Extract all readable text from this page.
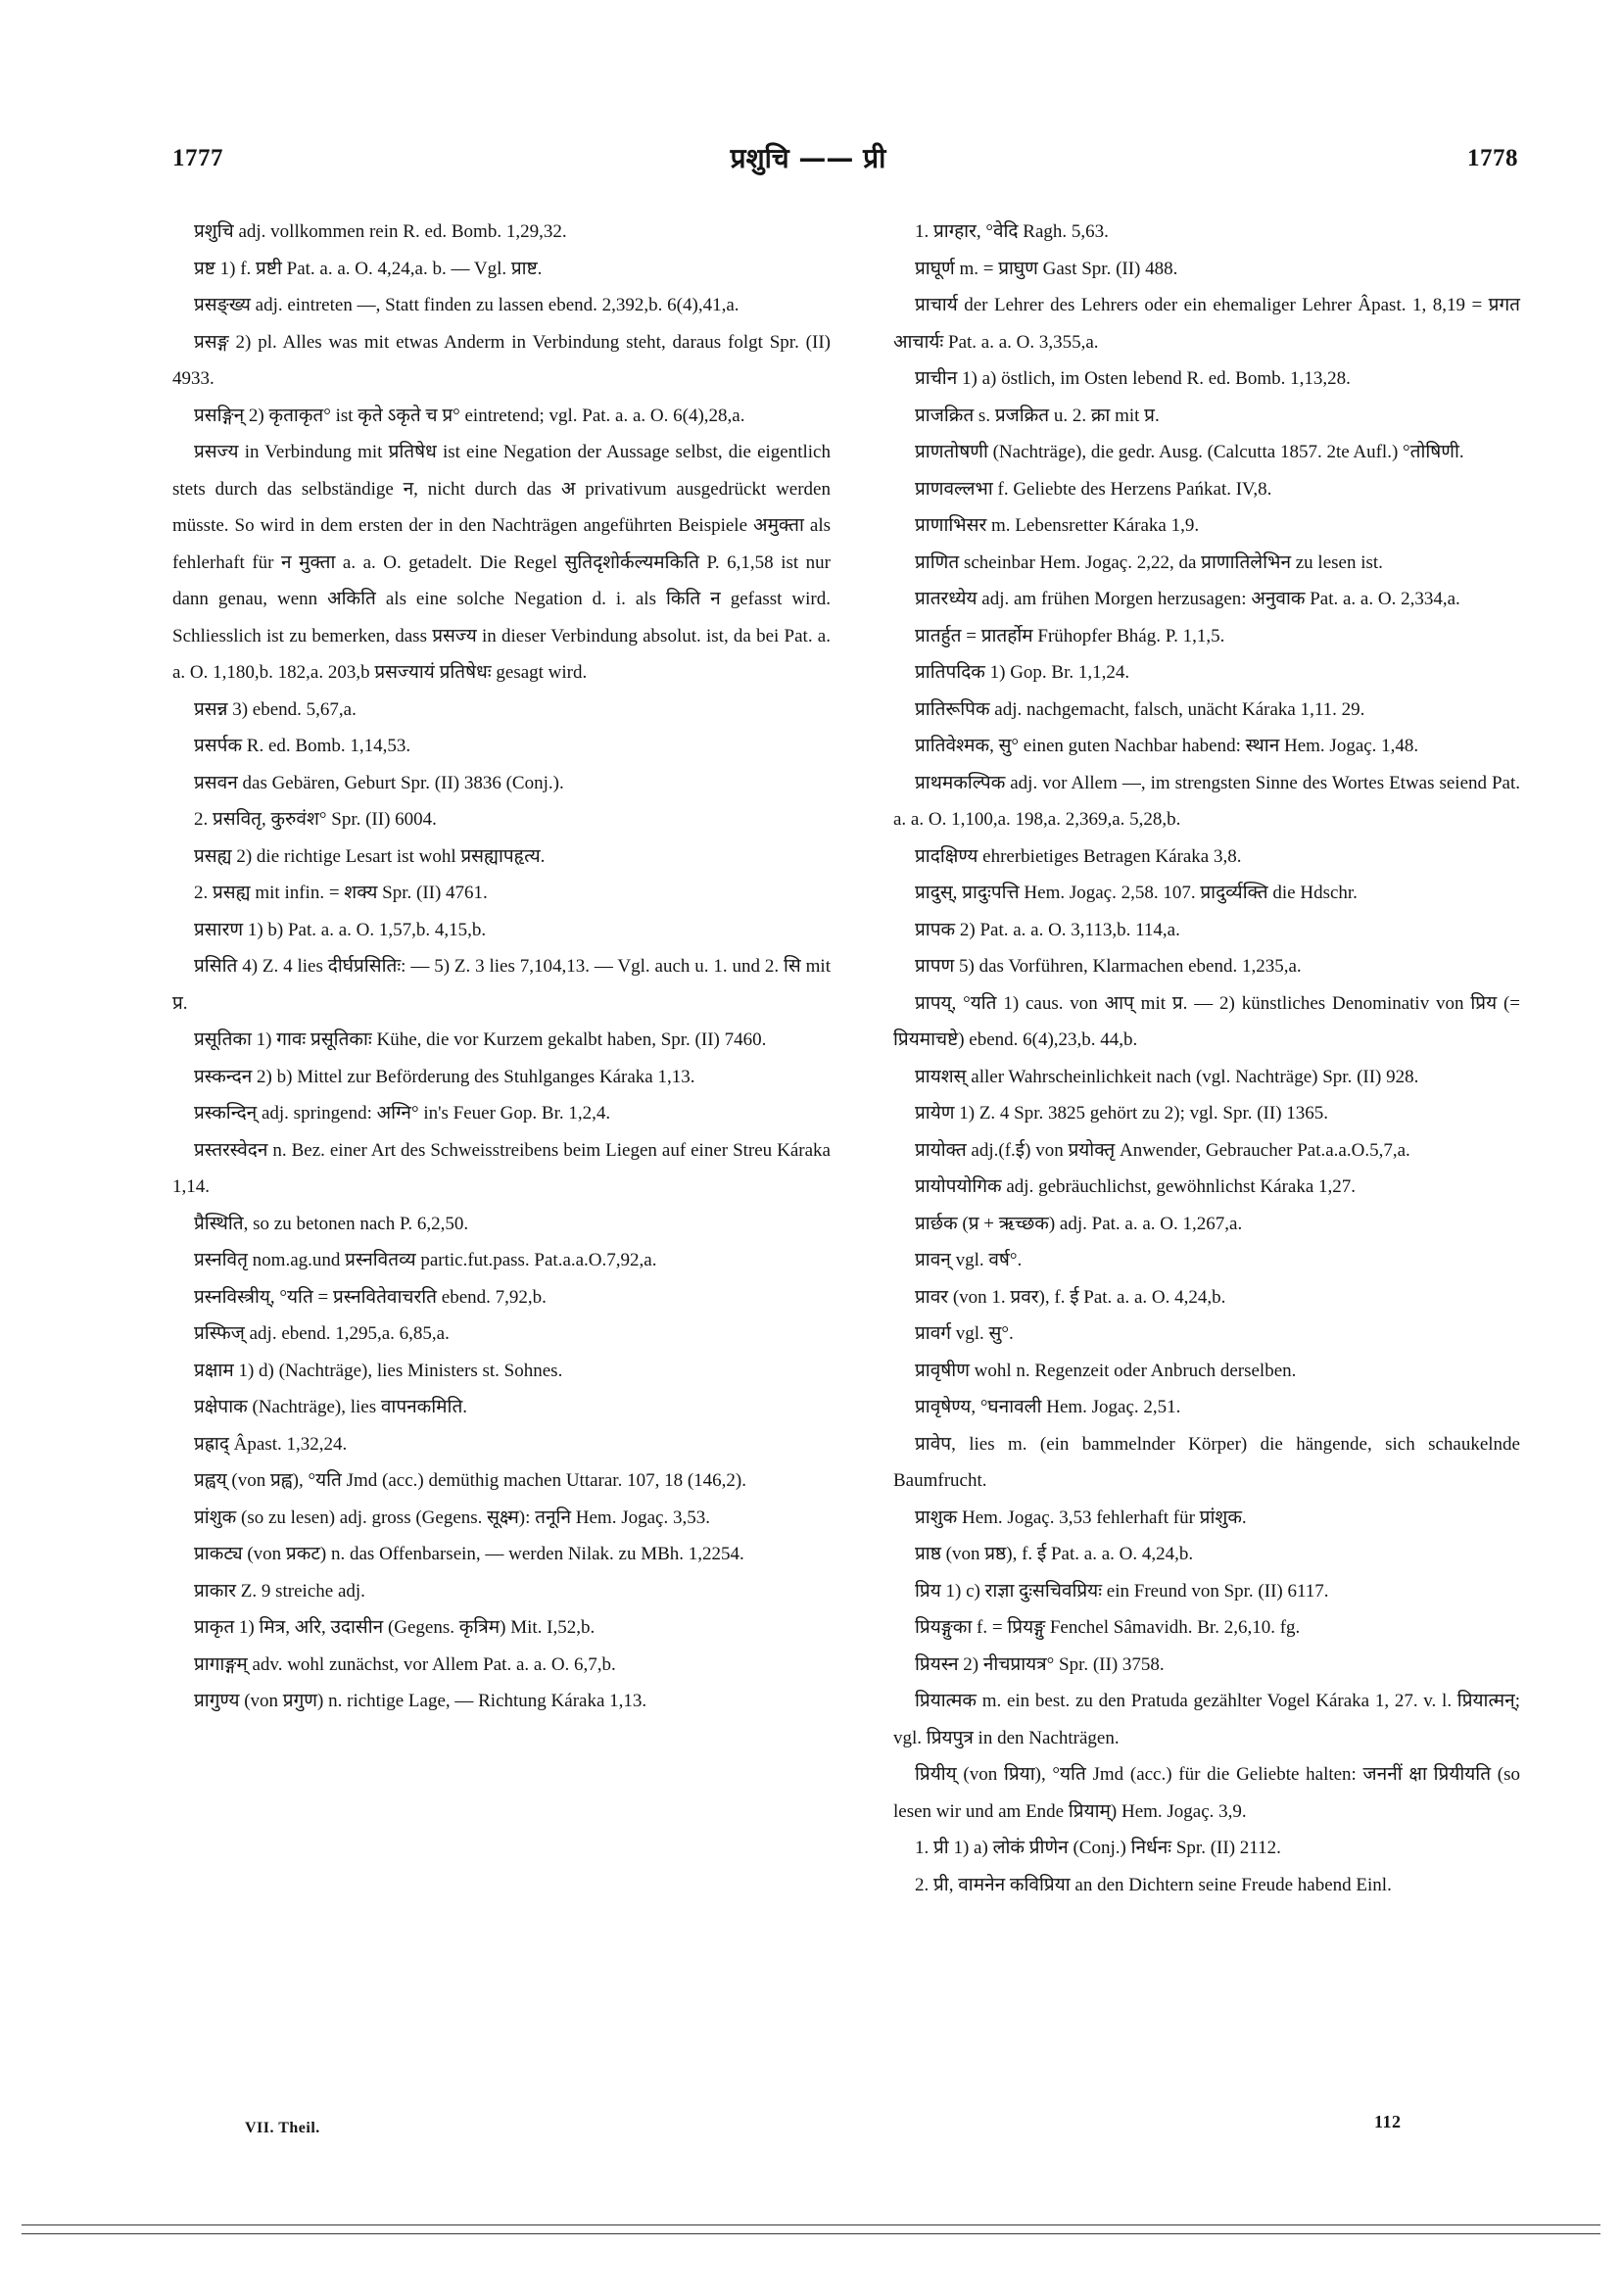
1777	प्रशुचि —— प्री	1778

प्रशुचि adj. vollkommen rein R. ed. Bomb. 1,29,32.

प्रष्ट 1) f. प्रष्टी Pat. a. a. O. 4,24,a. b. — Vgl. प्राष्ट.

प्रसङ्ख्य adj. eintreten —, Statt finden zu lassen ebend. 2,392,b. 6(4),41,a.

प्रसङ्ग 2) pl. Alles was mit etwas Anderm in Verbindung steht, daraus folgt Spr. (II) 4933.

प्रसङ्गिन् 2) कृताकृत° ist कृते ऽकृते च प्र° eintretend; vgl. Pat. a. a. O. 6(4),28,a.

प्रसज्य in Verbindung mit प्रतिषेध ist eine Negation der Aussage selbst, die eigentlich stets durch das selbständige न, nicht durch das अ privativum ausgedrückt werden müsste. So wird in dem ersten der in den Nachträgen angeführten Beispiele अमुक्ता als fehlerhaft für न मुक्ता a. a. O. getadelt. Die Regel सुतिदृशोर्कल्यमकिति P. 6,1,58 ist nur dann genau, wenn अकिति als eine solche Negation d. i. als किति न gefasst wird. Schliesslich ist zu bemerken, dass प्रसज्य in dieser Verbindung absolut. ist, da bei Pat. a. a. O. 1,180,b. 182,a. 203,b प्रसज्यायं प्रतिषेधः gesagt wird.

प्रसन्न 3) ebend. 5,67,a.

प्रसर्पक R. ed. Bomb. 1,14,53.

प्रसवन das Gebären, Geburt Spr. (II) 3836 (Conj.).

2. प्रसवितृ, कुरुवंश° Spr. (II) 6004.

प्रसह्य 2) die richtige Lesart ist wohl प्रसह्यापहृत्य.

2. प्रसह्य mit infin. = शक्य Spr. (II) 4761.

प्रसारण 1) b) Pat. a. a. O. 1,57,b. 4,15,b.

प्रसिति 4) Z. 4 lies दीर्घप्रसितिः: — 5) Z. 3 lies 7,104,13. — Vgl. auch u. 1. und 2. सि mit प्र.

प्रसूतिका 1) गावः प्रसूतिकाः Kühe, die vor Kurzem gekalbt haben, Spr. (II) 7460.

प्रस्कन्दन 2) b) Mittel zur Beförderung des Stuhlganges Káraka 1,13.

प्रस्कन्दिन् adj. springend: अग्नि° in's Feuer Gop. Br. 1,2,4.

प्रस्तरस्वेदन n. Bez. einer Art des Schweisstreibens beim Liegen auf einer Streu Káraka 1,14.

प्रैस्थिति, so zu betonen nach P. 6,2,50.

प्रस्नवितृ nom.ag.und प्रस्नवितव्य partic.fut.pass. Pat.a.a.O.7,92,a.

प्रस्नविस्त्रीय्, °यति = प्रस्नवितेवाचरति ebend. 7,92,b.

प्रस्फिज् adj. ebend. 1,295,a. 6,85,a.

प्रक्षाम 1) d) (Nachträge), lies Ministers st. Sohnes.

प्रक्षेपाक (Nachträge), lies वापनकमिति.

प्रह्राद् Âpast. 1,32,24.

प्रह्वय् (von प्रह्व), °यति Jmd (acc.) demüthig machen Uttarar. 107, 18 (146,2).

प्रांशुक (so zu lesen) adj. gross (Gegens. सूक्ष्म): तनूनि Hem. Jogaç. 3,53.

प्राकट्य (von प्रकट) n. das Offenbarsein, — werden Nilak. zu MBh. 1,2254.

प्राकार Z. 9 streiche adj.

प्राकृत 1) मित्र, अरि, उदासीन (Gegens. कृत्रिम) Mit. I,52,b.

प्रागाङ्गम् adv. wohl zunächst, vor Allem Pat. a. a. O. 6,7,b.

प्रागुण्य (von प्रगुण) n. richtige Lage, — Richtung Káraka 1,13.

1. प्राग्हार, °वेदि Ragh. 5,63.

प्राघूर्ण m. = प्राघुण Gast Spr. (II) 488.

प्राचार्य der Lehrer des Lehrers oder ein ehemaliger Lehrer Âpast. 1, 8,19 = प्रगत आचार्यः Pat. a. a. O. 3,355,a.

प्राचीन 1) a) östlich, im Osten lebend R. ed. Bomb. 1,13,28.

प्राजक्रित s. प्रजक्रित u. 2. क्रा mit प्र.

प्राणतोषणी (Nachträge), die gedr. Ausg. (Calcutta 1857. 2te Aufl.) °तोषिणी.

प्राणवल्लभा f. Geliebte des Herzens Pańkat. IV,8.

प्राणाभिसर m. Lebensretter Káraka 1,9.

प्राणित scheinbar Hem. Jogaç. 2,22, da प्राणातिलेभिन zu lesen ist.

प्रातरध्येय adj. am frühen Morgen herzusagen: अनुवाक Pat. a. a. O. 2,334,a.

प्रातर्हुत = प्रातर्होम Frühopfer Bhág. P. 1,1,5.

प्रातिपदिक 1) Gop. Br. 1,1,24.

प्रातिरूपिक adj. nachgemacht, falsch, unächt Káraka 1,11. 29.

प्रातिवेश्मक, सु° einen guten Nachbar habend: स्थान Hem. Jogaç. 1,48.

प्राथमकल्पिक adj. vor Allem —, im strengsten Sinne des Wortes Etwas seiend Pat. a. a. O. 1,100,a. 198,a. 2,369,a. 5,28,b.

प्रादक्षिण्य ehrerbietiges Betragen Káraka 3,8.

प्रादुस्, प्रादुःपत्ति Hem. Jogaç. 2,58. 107. प्रादुर्व्यक्ति die Hdschr.

प्रापक 2) Pat. a. a. O. 3,113,b. 114,a.

प्रापण 5) das Vorführen, Klarmachen ebend. 1,235,a.

प्रापय्, °यति 1) caus. von आप् mit प्र. — 2) künstliches Denominativ von प्रिय (= प्रियमाचष्टे) ebend. 6(4),23,b. 44,b.

प्रायशस् aller Wahrscheinlichkeit nach (vgl. Nachträge) Spr. (II) 928.

प्रायेण 1) Z. 4 Spr. 3825 gehört zu 2); vgl. Spr. (II) 1365.

प्रायोक्त adj.(f.ई) von प्रयोक्तृ Anwender, Gebraucher Pat.a.a.O.5,7,a.

प्रायोपयोगिक adj. gebräuchlichst, gewöhnlichst Káraka 1,27.

प्रार्छक (प्र + ऋच्छक) adj. Pat. a. a. O. 1,267,a.

प्रावन् vgl. वर्ष°.

प्रावर (von 1. प्रवर), f. ई Pat. a. a. O. 4,24,b.

प्रावर्ग vgl. सु°.

प्रावृषीण wohl n. Regenzeit oder Anbruch derselben.

प्रावृषेण्य, °घनावली Hem. Jogaç. 2,51.

प्रावेप, lies m. (ein bammelnder Körper) die hängende, sich schaukelnde Baumfrucht.

प्राशुक Hem. Jogaç. 3,53 fehlerhaft für प्रांशुक.

प्राष्ठ (von प्रष्ठ), f. ई Pat. a. a. O. 4,24,b.

प्रिय 1) c) राज्ञा दुःसचिवप्रियः ein Freund von Spr. (II) 6117.

प्रियङ्गुका f. = प्रियङ्गु Fenchel Sâmavidh. Br. 2,6,10. fg.

प्रियस्न 2) नीचप्रायत्र° Spr. (II) 3758.

प्रियात्मक m. ein best. zu den Pratuda gezählter Vogel Káraka 1, 27. v. l. प्रियात्मन्; vgl. प्रियपुत्र in den Nachträgen.

प्रियीय् (von प्रिया), °यति Jmd (acc.) für die Geliebte halten: जननीं क्षा प्रियीयति (so lesen wir und am Ende प्रियाम्) Hem. Jogaç. 3,9.

1. प्री 1) a) लोकं प्रीणेन (Conj.) निर्धनः Spr. (II) 2112.

2. प्री, वामनेन कविप्रिया an den Dichtern seine Freude habend Einl.

VII. Theil.	112
